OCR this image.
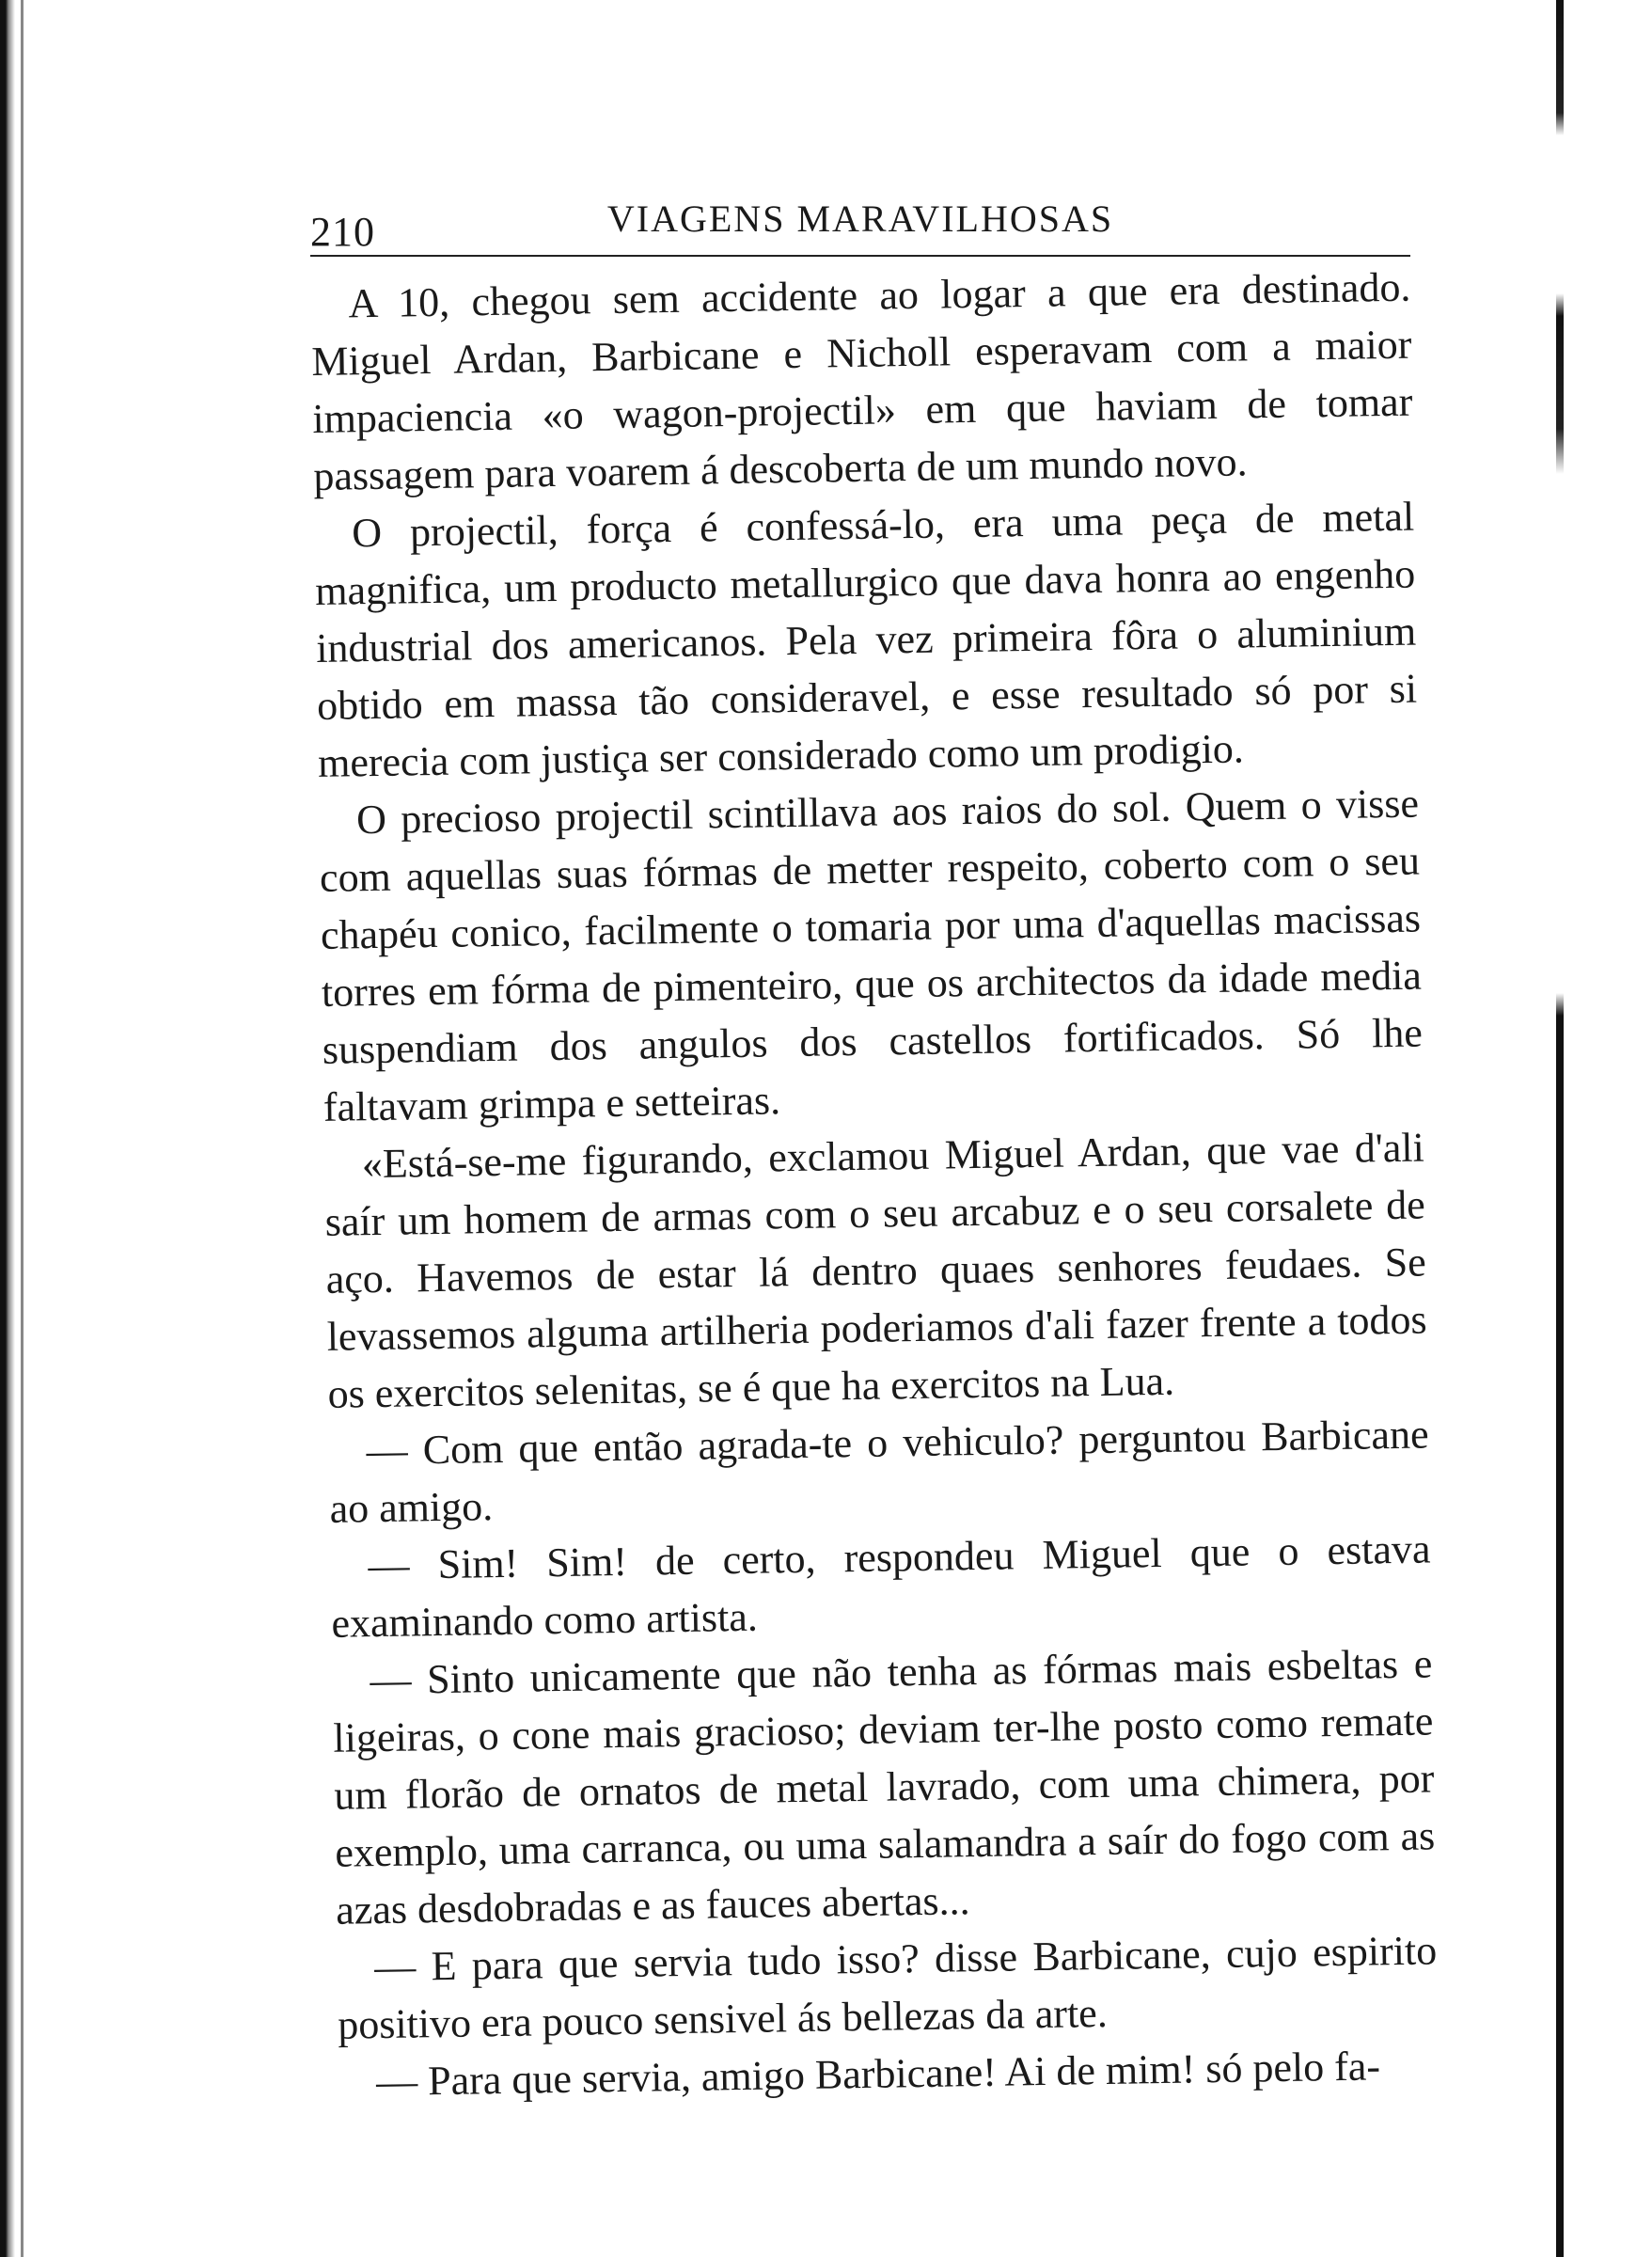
210	VIAGENS MARAVILHOSAS

A 10, chegou sem accidente ao logar a que era destinado. Miguel Ardan, Barbicane e Nicholl esperavam com a maior impaciencia «o wagon-projectil» em que haviam de tomar passagem para voarem á descoberta de um mundo novo.

O projectil, força é confessá-lo, era uma peça de metal magnifica, um producto metallurgico que dava honra ao engenho industrial dos americanos. Pela vez primeira fôra o aluminium obtido em massa tão consideravel, e esse resultado só por si merecia com justiça ser considerado como um prodigio.

O precioso projectil scintillava aos raios do sol. Quem o visse com aquellas suas fórmas de metter respeito, coberto com o seu chapéu conico, facilmente o tomaria por uma d'aquellas macissas torres em fórma de pimenteiro, que os architectos da idade media suspendiam dos angulos dos castellos fortificados. Só lhe faltavam grimpa e setteiras.

«Está-se-me figurando, exclamou Miguel Ardan, que vae d'ali saír um homem de armas com o seu arcabuz e o seu corsalete de aço. Havemos de estar lá dentro quaes senhores feudaes. Se levassemos alguma artilheria poderiamos d'ali fazer frente a todos os exercitos selenitas, se é que ha exercitos na Lua.

— Com que então agrada-te o vehiculo? perguntou Barbicane ao amigo.

— Sim! Sim! de certo, respondeu Miguel que o estava examinando como artista.

— Sinto unicamente que não tenha as fórmas mais esbeltas e ligeiras, o cone mais gracioso; deviam ter-lhe posto como remate um florão de ornatos de metal lavrado, com uma chimera, por exemplo, uma carranca, ou uma salamandra a saír do fogo com as azas desdobradas e as fauces abertas...

— E para que servia tudo isso? disse Barbicane, cujo espirito positivo era pouco sensivel ás bellezas da arte.

— Para que servia, amigo Barbicane! Ai de mim! só pelo fa-
